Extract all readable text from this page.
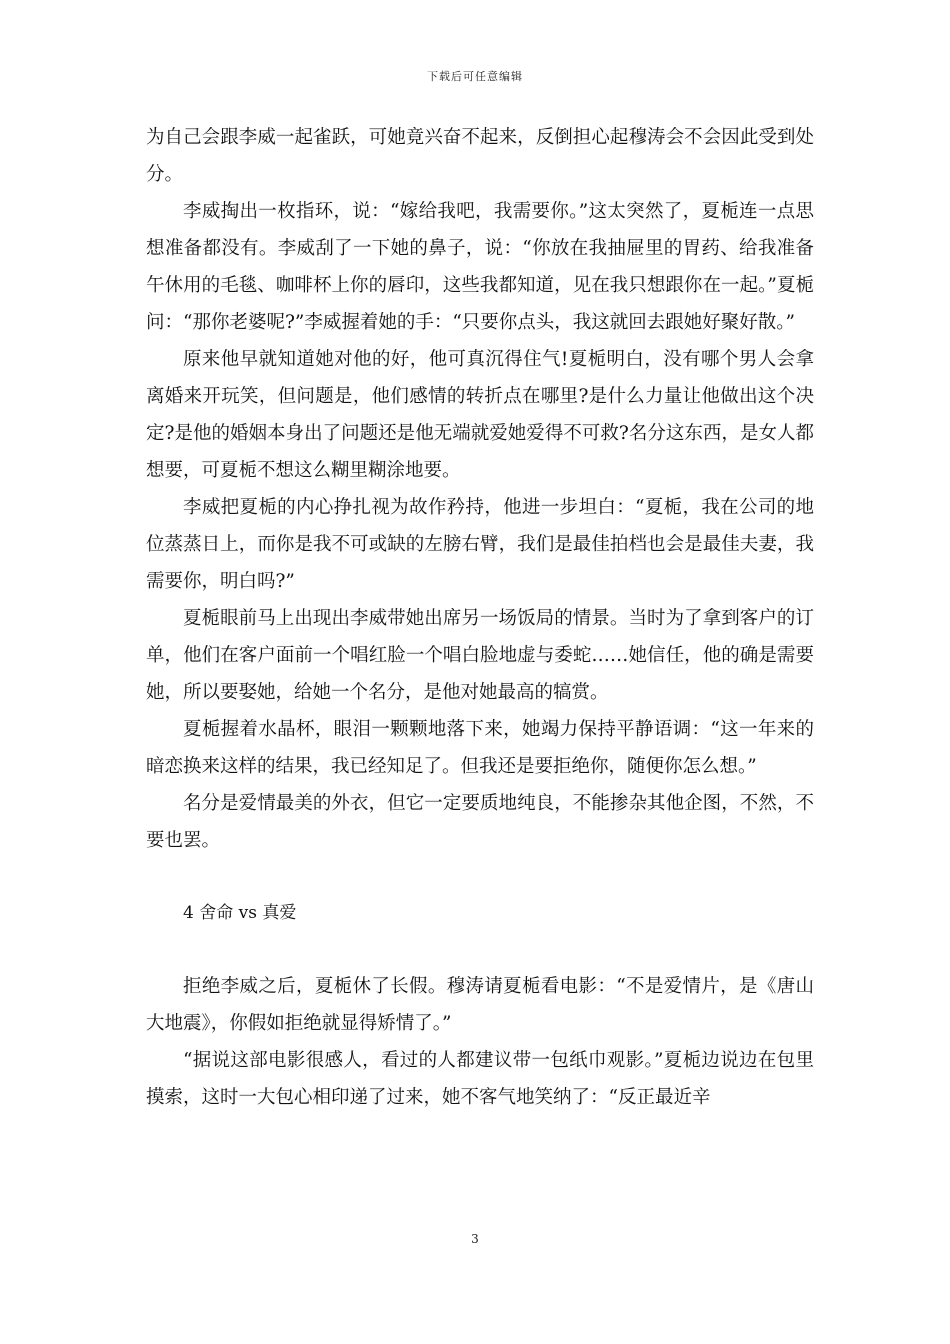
下载后可任意编辑

为自己会跟李威一起雀跃，可她竟兴奋不起来，反倒担心起穆涛会不会因此受到处分。

李威掏出一枚指环，说：“嫁给我吧，我需要你。”这太突然了，夏栀连一点思想准备都没有。李威刮了一下她的鼻子，说：“你放在我抽屉里的胃药、给我准备午休用的毛毯、咖啡杯上你的唇印，这些我都知道，见在我只想跟你在一起。”夏栀问：“那你老婆呢?”李威握着她的手：“只要你点头，我这就回去跟她好聚好散。”

原来他早就知道她对他的好，他可真沉得住气!夏栀明白，没有哪个男人会拿离婚来开玩笑，但问题是，他们感情的转折点在哪里?是什么力量让他做出这个决定?是他的婚姻本身出了问题还是他无端就爱她爱得不可救?名分这东西，是女人都想要，可夏栀不想这么糊里糊涂地要。

李威把夏栀的内心挣扎视为故作矜持，他进一步坦白：“夏栀，我在公司的地位蒸蒸日上，而你是我不可或缺的左膀右臂，我们是最佳拍档也会是最佳夫妻，我需要你，明白吗?”

夏栀眼前马上出现出李威带她出席另一场饭局的情景。当时为了拿到客户的订单，他们在客户面前一个唱红脸一个唱白脸地虚与委蛇……她信任，他的确是需要她，所以要娶她，给她一个名分，是他对她最高的犒赏。

夏栀握着水晶杯，眼泪一颗颗地落下来，她竭力保持平静语调：“这一年来的暗恋换来这样的结果，我已经知足了。但我还是要拒绝你，随便你怎么想。”

名分是爱情最美的外衣，但它一定要质地纯良，不能掺杂其他企图，不然，不要也罢。

4 舍命 vs 真爱

拒绝李威之后，夏栀休了长假。穆涛请夏栀看电影：“不是爱情片，是《唐山大地震》，你假如拒绝就显得矫情了。”

“据说这部电影很感人，看过的人都建议带一包纸巾观影。”夏栀边说边在包里摸索，这时一大包心相印递了过来，她不客气地笑纳了：“反正最近辛

3
